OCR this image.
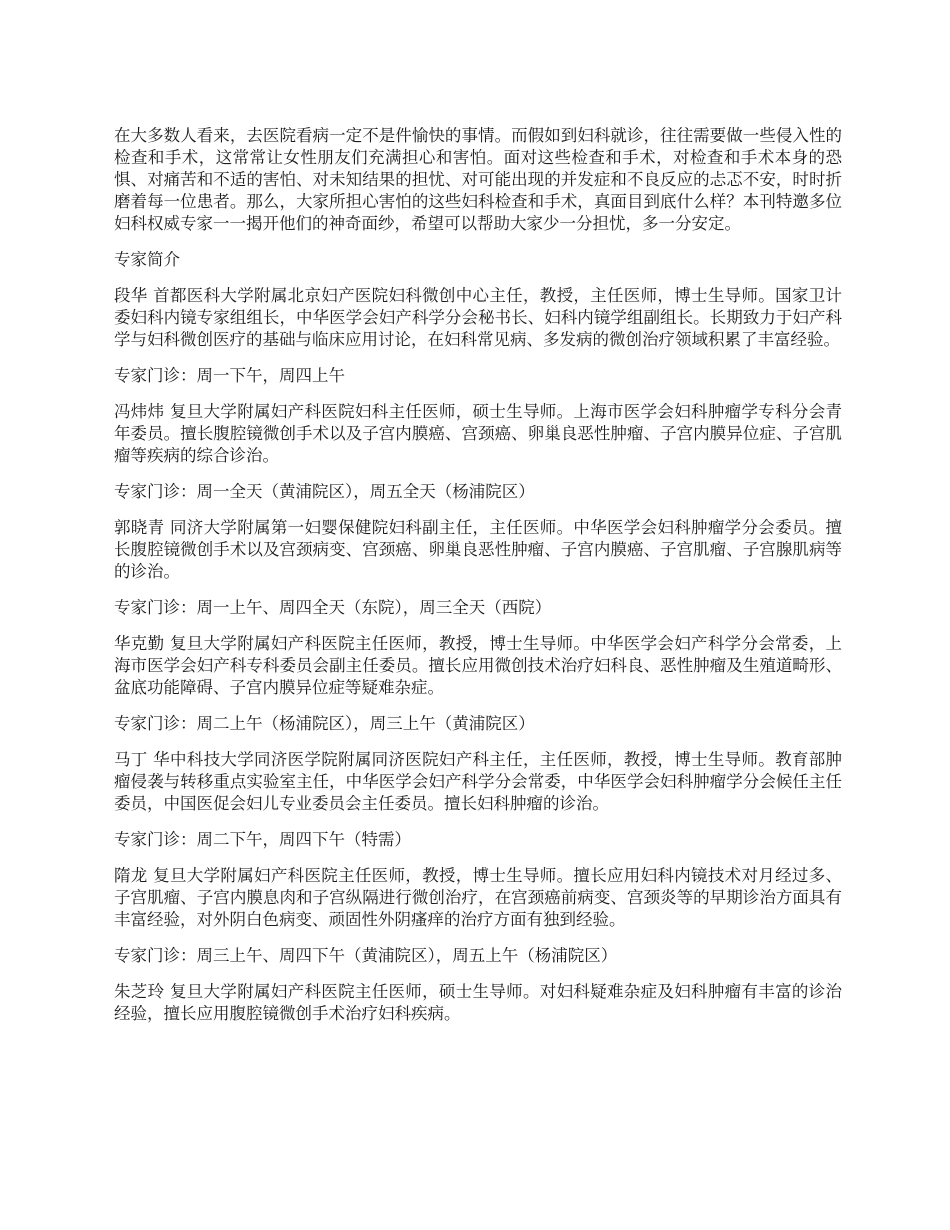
在大多数人看来，去医院看病一定不是件愉快的事情。而假如到妇科就诊，往往需要做一些侵入性的检查和手术，这常常让女性朋友们充满担心和害怕。面对这些检查和手术，对检查和手术本身的恐惧、对痛苦和不适的害怕、对未知结果的担忧、对可能出现的并发症和不良反应的忐忑不安，时时折磨着每一位患者。那么，大家所担心害怕的这些妇科检查和手术，真面目到底什么样？本刊特邀多位妇科权威专家一一揭开他们的神奇面纱，希望可以帮助大家少一分担忧，多一分安定。

专家简介

段华 首都医科大学附属北京妇产医院妇科微创中心主任，教授，主任医师，博士生导师。国家卫计委妇科内镜专家组组长，中华医学会妇产科学分会秘书长、妇科内镜学组副组长。长期致力于妇产科学与妇科微创医疗的基础与临床应用讨论，在妇科常见病、多发病的微创治疗领域积累了丰富经验。

专家门诊：周一下午，周四上午

冯炜炜 复旦大学附属妇产科医院妇科主任医师，硕士生导师。上海市医学会妇科肿瘤学专科分会青年委员。擅长腹腔镜微创手术以及子宫内膜癌、宫颈癌、卵巢良恶性肿瘤、子宫内膜异位症、子宫肌瘤等疾病的综合诊治。

专家门诊：周一全天（黄浦院区），周五全天（杨浦院区）

郭晓青 同济大学附属第一妇婴保健院妇科副主任，主任医师。中华医学会妇科肿瘤学分会委员。擅长腹腔镜微创手术以及宫颈病变、宫颈癌、卵巢良恶性肿瘤、子宫内膜癌、子宫肌瘤、子宫腺肌病等的诊治。

专家门诊：周一上午、周四全天（东院），周三全天（西院）

华克勤 复旦大学附属妇产科医院主任医师，教授，博士生导师。中华医学会妇产科学分会常委，上海市医学会妇产科专科委员会副主任委员。擅长应用微创技术治疗妇科良、恶性肿瘤及生殖道畸形、盆底功能障碍、子宫内膜异位症等疑难杂症。

专家门诊：周二上午（杨浦院区），周三上午（黄浦院区）

马丁 华中科技大学同济医学院附属同济医院妇产科主任，主任医师，教授，博士生导师。教育部肿瘤侵袭与转移重点实验室主任，中华医学会妇产科学分会常委，中华医学会妇科肿瘤学分会候任主任委员，中国医促会妇儿专业委员会主任委员。擅长妇科肿瘤的诊治。

专家门诊：周二下午，周四下午（特需）

隋龙 复旦大学附属妇产科医院主任医师，教授，博士生导师。擅长应用妇科内镜技术对月经过多、子宫肌瘤、子宫内膜息肉和子宫纵隔进行微创治疗，在宫颈癌前病变、宫颈炎等的早期诊治方面具有丰富经验，对外阴白色病变、顽固性外阴瘙痒的治疗方面有独到经验。

专家门诊：周三上午、周四下午（黄浦院区），周五上午（杨浦院区）

朱芝玲 复旦大学附属妇产科医院主任医师，硕士生导师。对妇科疑难杂症及妇科肿瘤有丰富的诊治经验，擅长应用腹腔镜微创手术治疗妇科疾病。
